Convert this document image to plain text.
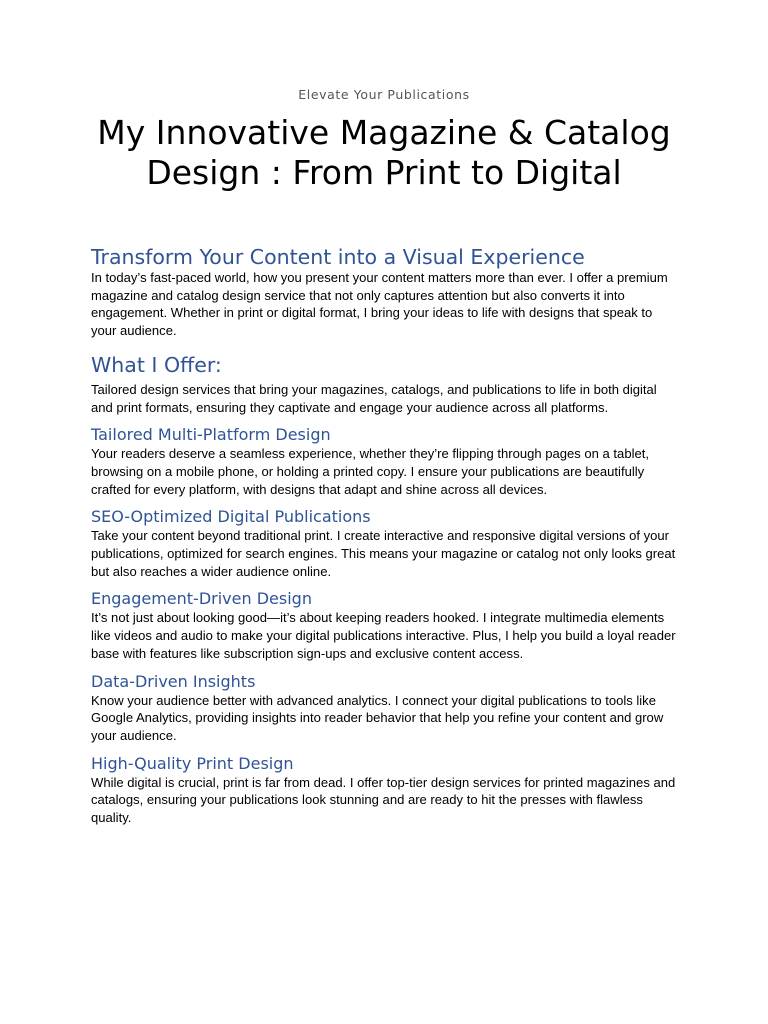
Elevate Your Publications
My Innovative Magazine & Catalog Design : From Print to Digital
Transform Your Content into a Visual Experience

In today’s fast-paced world, how you present your content matters more than ever. I offer a premium magazine and catalog design service that not only captures attention but also converts it into engagement. Whether in print or digital format, I bring your ideas to life with designs that speak to your audience.

What I Offer:

Tailored design services that bring your magazines, catalogs, and publications to life in both digital and print formats, ensuring they captivate and engage your audience across all platforms.

Tailored Multi-Platform Design

Your readers deserve a seamless experience, whether they’re flipping through pages on a tablet, browsing on a mobile phone, or holding a printed copy. I ensure your publications are beautifully crafted for every platform, with designs that adapt and shine across all devices.

SEO-Optimized Digital Publications

Take your content beyond traditional print. I create interactive and responsive digital versions of your publications, optimized for search engines. This means your magazine or catalog not only looks great but also reaches a wider audience online.

Engagement-Driven Design

It’s not just about looking good—it’s about keeping readers hooked. I integrate multimedia elements like videos and audio to make your digital publications interactive. Plus, I help you build a loyal reader base with features like subscription sign-ups and exclusive content access.

Data-Driven Insights

Know your audience better with advanced analytics. I connect your digital publications to tools like Google Analytics, providing insights into reader behavior that help you refine your content and grow your audience.

High-Quality Print Design

While digital is crucial, print is far from dead. I offer top-tier design services for printed magazines and catalogs, ensuring your publications look stunning and are ready to hit the presses with flawless quality.
